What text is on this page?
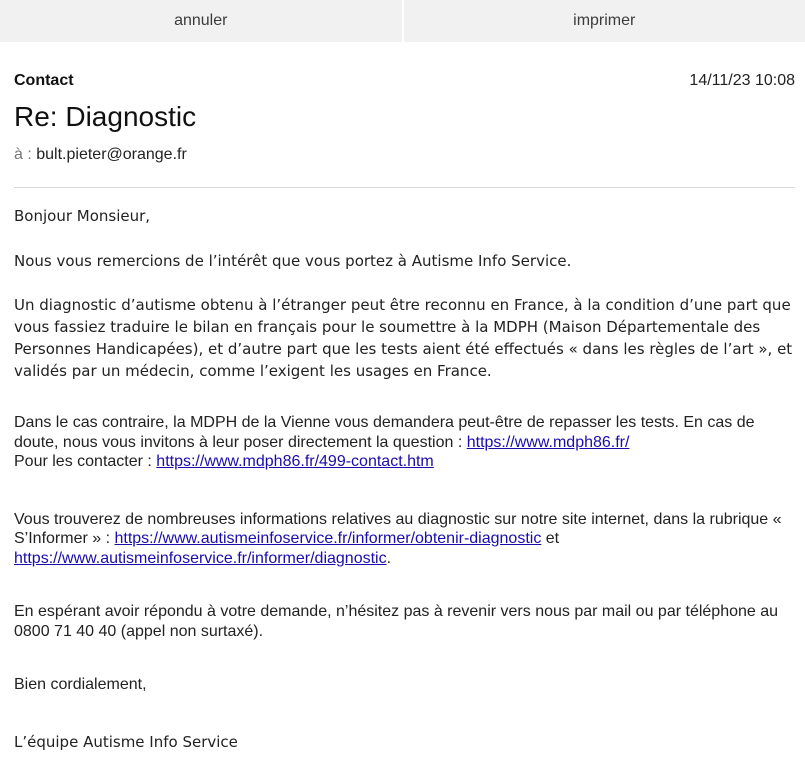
annuler	imprimer
Contact	14/11/23 10:08
Re: Diagnostic
à : bult.pieter@orange.fr

Bonjour Monsieur,

Nous vous remercions de l’intérêt que vous portez à Autisme Info Service.

Un diagnostic d’autisme obtenu à l’étranger peut être reconnu en France, à la condition d’une part que vous fassiez traduire le bilan en français pour le soumettre à la MDPH (Maison Départementale des Personnes Handicapées), et d’autre part que les tests aient été effectués « dans les règles de l’art », et validés par un médecin, comme l’exigent les usages en France.

Dans le cas contraire, la MDPH de la Vienne vous demandera peut-être de repasser les tests. En cas de doute, nous vous invitons à leur poser directement la question : https://www.mdph86.fr/
Pour les contacter : https://www.mdph86.fr/499-contact.htm

Vous trouverez de nombreuses informations relatives au diagnostic sur notre site internet, dans la rubrique « S’Informer » : https://www.autismeinfoservice.fr/informer/obtenir-diagnostic et
https://www.autismeinfoservice.fr/informer/diagnostic.

En espérant avoir répondu à votre demande, n’hésitez pas à revenir vers nous par mail ou par téléphone au 0800 71 40 40 (appel non surtaxé).

Bien cordialement,

L’équipe Autisme Info Service
